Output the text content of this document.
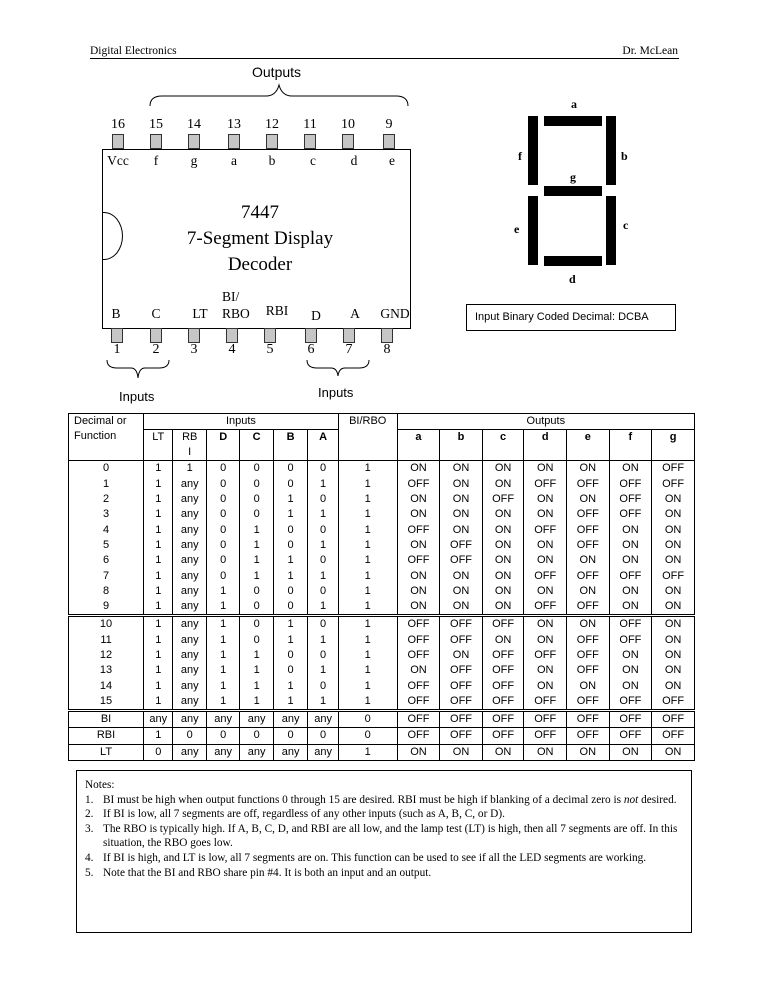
Digital Electronics	Dr. McLean
Outputs
16	15	14	13	12	11	10	9
Vcc	f	g	a	b	c	d	e
7447
7-Segment Display
Decoder
B	C	LT
BI/
RBO	RBI	D	A	GND
1	2	3	4	5	6	7	8
Inputs	Inputs
a
f	b
g
e	c
d
Input Binary Coded Decimal: DCBA
Decimal or Function	Inputs						BI/RBO	Outputs						
	LT	RB I	D	C	B	A		a	b	c	d	e	f	g
0	1	1	0	0	0	0	1	ON	ON	ON	ON	ON	ON	OFF
1	1	any	0	0	0	1	1	OFF	ON	ON	OFF	OFF	OFF	OFF
2	1	any	0	0	1	0	1	ON	ON	OFF	ON	ON	OFF	ON
3	1	any	0	0	1	1	1	ON	ON	ON	ON	OFF	OFF	ON
4	1	any	0	1	0	0	1	OFF	ON	ON	OFF	OFF	ON	ON
5	1	any	0	1	0	1	1	ON	OFF	ON	ON	OFF	ON	ON
6	1	any	0	1	1	0	1	OFF	OFF	ON	ON	ON	ON	ON
7	1	any	0	1	1	1	1	ON	ON	ON	OFF	OFF	OFF	OFF
8	1	any	1	0	0	0	1	ON	ON	ON	ON	ON	ON	ON
9	1	any	1	0	0	1	1	ON	ON	ON	OFF	OFF	ON	ON
10	1	any	1	0	1	0	1	OFF	OFF	OFF	ON	ON	OFF	ON
11	1	any	1	0	1	1	1	OFF	OFF	ON	ON	OFF	OFF	ON
12	1	any	1	1	0	0	1	OFF	ON	OFF	OFF	OFF	ON	ON
13	1	any	1	1	0	1	1	ON	OFF	OFF	ON	OFF	ON	ON
14	1	any	1	1	1	0	1	OFF	OFF	OFF	ON	ON	ON	ON
15	1	any	1	1	1	1	1	OFF	OFF	OFF	OFF	OFF	OFF	OFF
BI	any	any	any	any	any	any	0	OFF	OFF	OFF	OFF	OFF	OFF	OFF
RBI	1	0	0	0	0	0	0	OFF	OFF	OFF	OFF	OFF	OFF	OFF
LT	0	any	any	any	any	any	1	ON	ON	ON	ON	ON	ON	ON
Notes:
1. BI must be high when output functions 0 through 15 are desired. RBI must be high if blanking of a decimal zero is not desired.
2. If BI is low, all 7 segments are off, regardless of any other inputs (such as A, B, C, or D).
3. The RBO is typically high. If A, B, C, D, and RBI are all low, and the lamp test (LT) is high, then all 7 segments are off. In this situation, the RBO goes low.
4. If BI is high, and LT is low, all 7 segments are on. This function can be used to see if all the LED segments are working.
5. Note that the BI and RBO share pin #4. It is both an input and an output.
